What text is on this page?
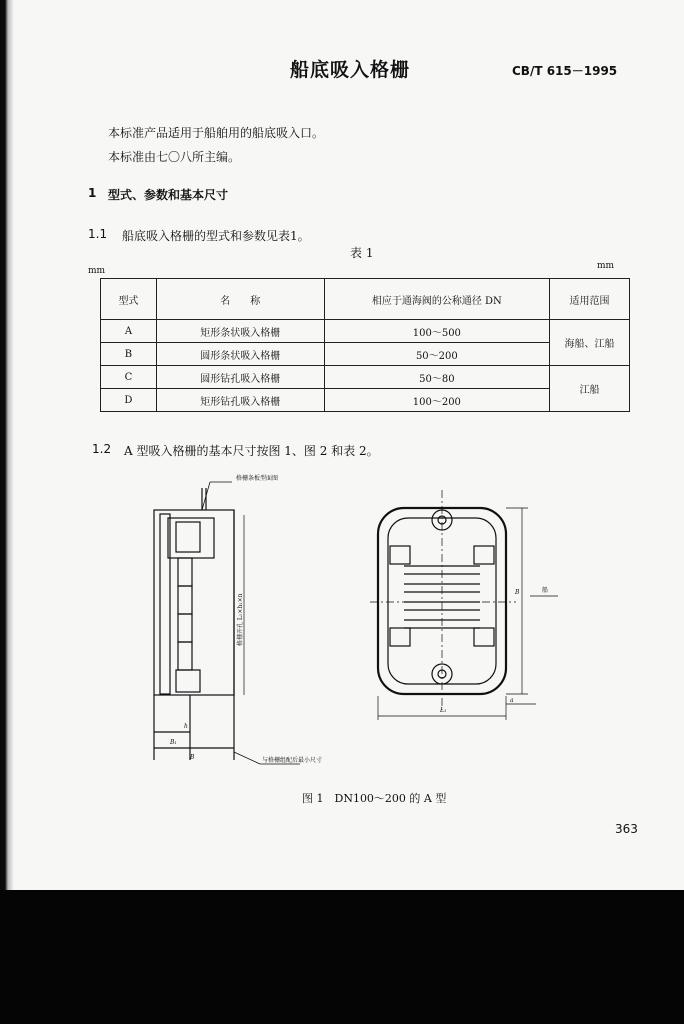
船底吸入格栅	CB/T 615－1995
本标准产品适用于船舶用的船底吸入口。
本标准由七〇八所主编。
1 型式、参数和基本尺寸
1.1 船底吸入格栅的型式和参数见表1。
表 1
mm	mm
型式	名　　称	相应于通海阀的公称通径 DN	适用范围
A	矩形条状吸入格栅	100～500	海船、江船
B	圆形条状吸入格栅	50～200	
C	圆形钻孔吸入格栅	50～80	江船
D	矩形钻孔吸入格栅	100～200	
1.2 A 型吸入格栅的基本尺寸按图 1、图 2 和表 2。
格栅条板型面图
与格栅组配后最小尺寸
格栅开孔 L₁×h₁×n
h
B₁
B
L₁
B
a
船
图 1　DN100～200 的 A 型
363
